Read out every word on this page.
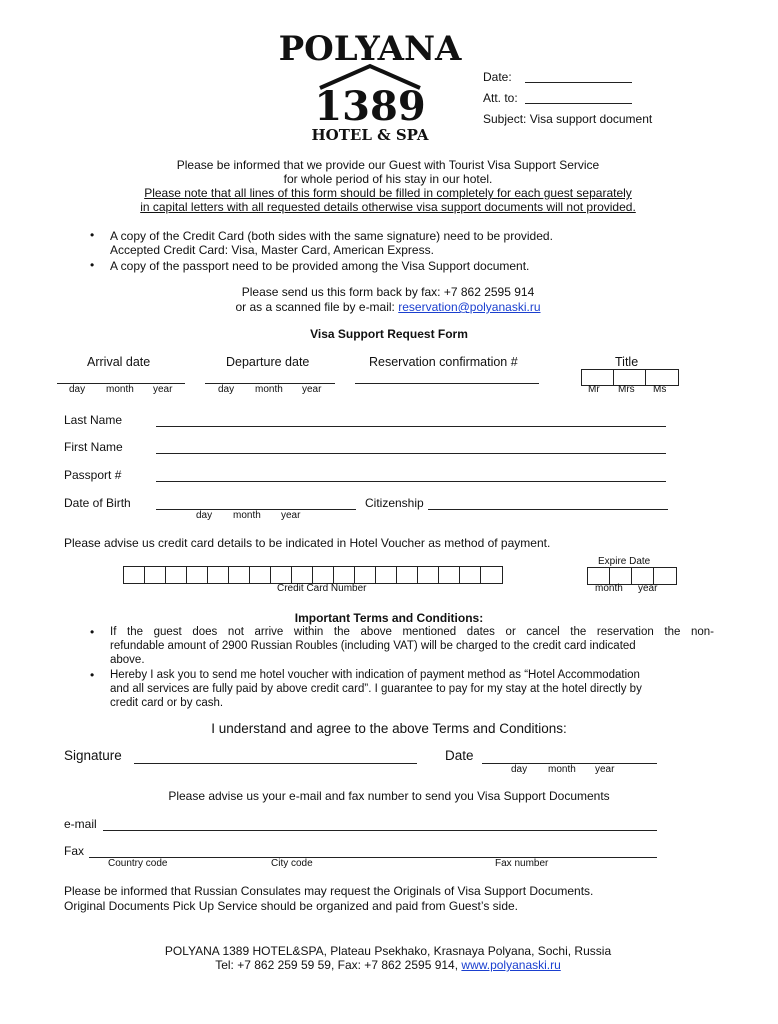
POLYANA
1389
HOTEL & SPA
Date:
Att. to:
Subject: Visa support document
Please be informed that we provide our Guest with Tourist Visa Support Service
for whole period of his stay in our hotel.
Please note that all lines of this form should be filled in completely for each guest separately
in capital letters with all requested details otherwise visa support documents will not provided.
• A copy of the Credit Card (both sides with the same signature) need to be provided.
Accepted Credit Card: Visa, Master Card, American Express.
• A copy of the passport need to be provided among the Visa Support document.
Please send us this form back by fax: +7 862 2595 914
or as a scanned file by e-mail: reservation@polyanaski.ru
Visa Support Request Form
Arrival date	Departure date	Reservation confirmation #	Title
day month year	day month year	Mr Mrs Ms
Last Name
First Name
Passport #
Date of Birth	Citizenship
day month year
Please advise us credit card details to be indicated in Hotel Voucher as method of payment.
Expire Date
Credit Card Number	month year
Important Terms and Conditions:
• If the guest does not arrive within the above mentioned dates or cancel the reservation the non-
refundable amount of 2900 Russian Roubles (including VAT) will be charged to the credit card indicated
above.
• Hereby I ask you to send me hotel voucher with indication of payment method as “Hotel Accommodation
and all services are fully paid by above credit card”. I guarantee to pay for my stay at the hotel directly by
credit card or by cash.
I understand and agree to the above Terms and Conditions:
Signature	Date
day month year
Please advise us your e-mail and fax number to send you Visa Support Documents
e-mail
Fax
Country code	City code	Fax number
Please be informed that Russian Consulates may request the Originals of Visa Support Documents.
Original Documents Pick Up Service should be organized and paid from Guest’s side.
POLYANA 1389 HOTEL&SPA, Plateau Psekhako, Krasnaya Polyana, Sochi, Russia
Tel: +7 862 259 59 59, Fax: +7 862 2595 914, www.polyanaski.ru
